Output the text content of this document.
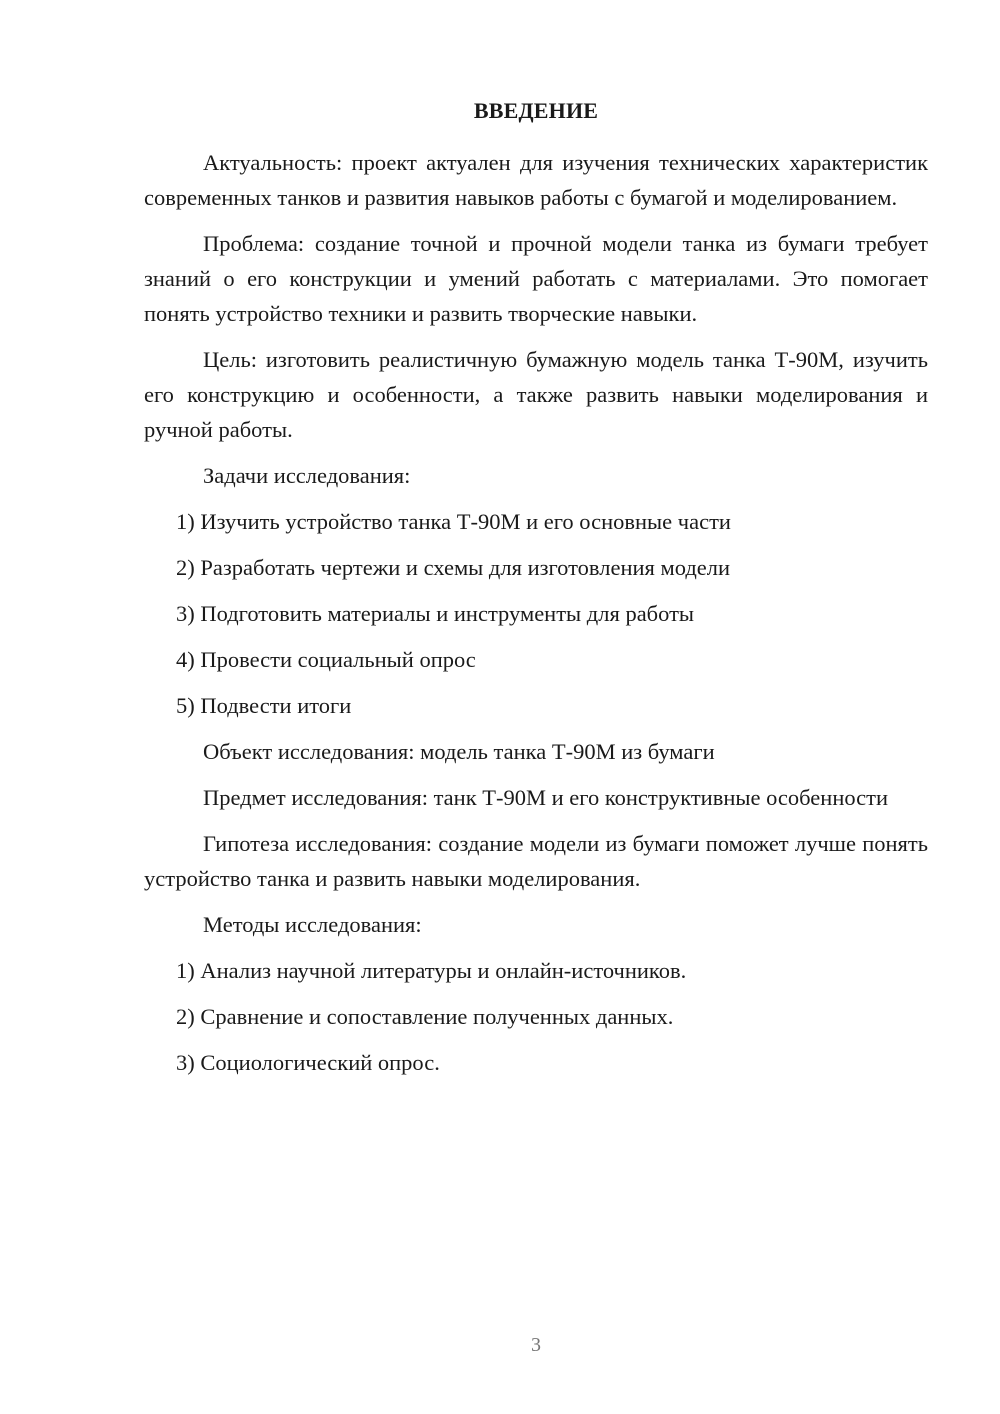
ВВЕДЕНИЕ

Актуальность: проект актуален для изучения технических характеристик современных танков и развития навыков работы с бумагой и моделированием.

Проблема: создание точной и прочной модели танка из бумаги требует знаний о его конструкции и умений работать с материалами. Это помогает понять устройство техники и развить творческие навыки.

Цель: изготовить реалистичную бумажную модель танка Т-90М, изучить его конструкцию и особенности, а также развить навыки моделирования и ручной работы.

Задачи исследования:

1) Изучить устройство танка Т-90М и его основные части
2) Разработать чертежи и схемы для изготовления модели
3) Подготовить материалы и инструменты для работы
4) Провести социальный опрос
5) Подвести итоги

Объект исследования: модель танка Т-90М из бумаги

Предмет исследования: танк Т-90М и его конструктивные особенности

Гипотеза исследования: создание модели из бумаги поможет лучше понять устройство танка и развить навыки моделирования.

Методы исследования:

1) Анализ научной литературы и онлайн-источников.
2) Сравнение и сопоставление полученных данных.
3) Социологический опрос.
3
